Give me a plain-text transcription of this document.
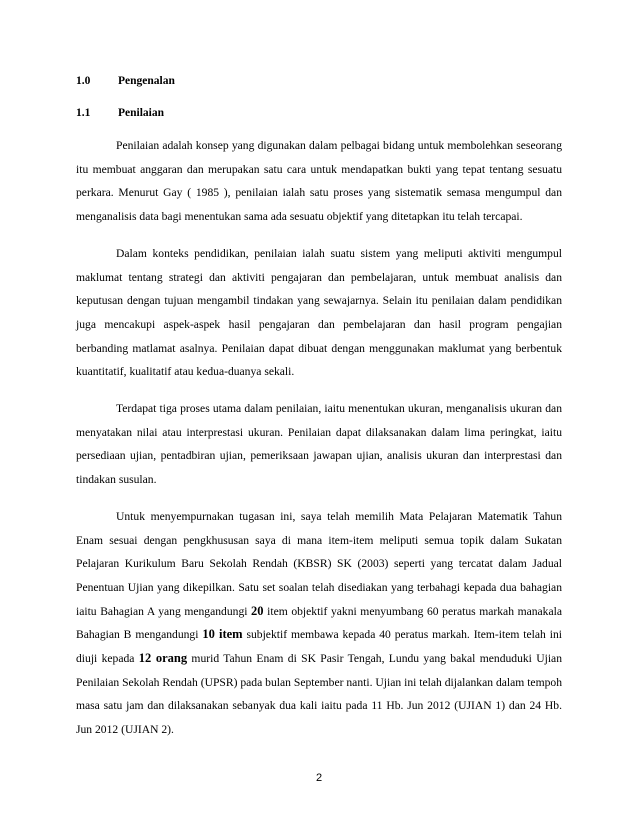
1.0 Pengenalan
1.1 Penilaian

Penilaian adalah konsep yang digunakan dalam pelbagai bidang untuk membolehkan seseorang itu membuat anggaran dan merupakan satu cara untuk mendapatkan bukti yang tepat tentang sesuatu perkara. Menurut Gay ( 1985 ), penilaian ialah satu proses yang sistematik semasa mengumpul dan menganalisis data bagi menentukan sama ada sesuatu objektif yang ditetapkan itu telah tercapai.

Dalam konteks pendidikan, penilaian ialah suatu sistem yang meliputi aktiviti mengumpul maklumat tentang strategi dan aktiviti pengajaran dan pembelajaran, untuk membuat analisis dan keputusan dengan tujuan mengambil tindakan yang sewajarnya. Selain itu penilaian dalam pendidikan juga mencakupi aspek-aspek hasil pengajaran dan pembelajaran dan hasil program pengajian berbanding matlamat asalnya. Penilaian dapat dibuat dengan menggunakan maklumat yang berbentuk kuantitatif, kualitatif atau kedua-duanya sekali.

Terdapat tiga proses utama dalam penilaian, iaitu menentukan ukuran, menganalisis ukuran dan menyatakan nilai atau interprestasi ukuran. Penilaian dapat dilaksanakan dalam lima peringkat, iaitu persediaan ujian, pentadbiran ujian, pemeriksaan jawapan ujian, analisis ukuran dan interprestasi dan tindakan susulan.

Untuk menyempurnakan tugasan ini, saya telah memilih Mata Pelajaran Matematik Tahun Enam sesuai dengan pengkhususan saya di mana item-item meliputi semua topik dalam Sukatan Pelajaran Kurikulum Baru Sekolah Rendah (KBSR) SK (2003) seperti yang tercatat dalam Jadual Penentuan Ujian yang dikepilkan. Satu set soalan telah disediakan yang terbahagi kepada dua bahagian iaitu Bahagian A yang mengandungi 20 item objektif yakni menyumbang 60 peratus markah manakala Bahagian B mengandungi 10 item subjektif membawa kepada 40 peratus markah. Item-item telah ini diuji kepada 12 orang murid Tahun Enam di SK Pasir Tengah, Lundu yang bakal menduduki Ujian Penilaian Sekolah Rendah (UPSR) pada bulan September nanti. Ujian ini telah dijalankan dalam tempoh masa satu jam dan dilaksanakan sebanyak dua kali iaitu pada 11 Hb. Jun 2012 (UJIAN 1) dan 24 Hb. Jun 2012 (UJIAN 2).

2
